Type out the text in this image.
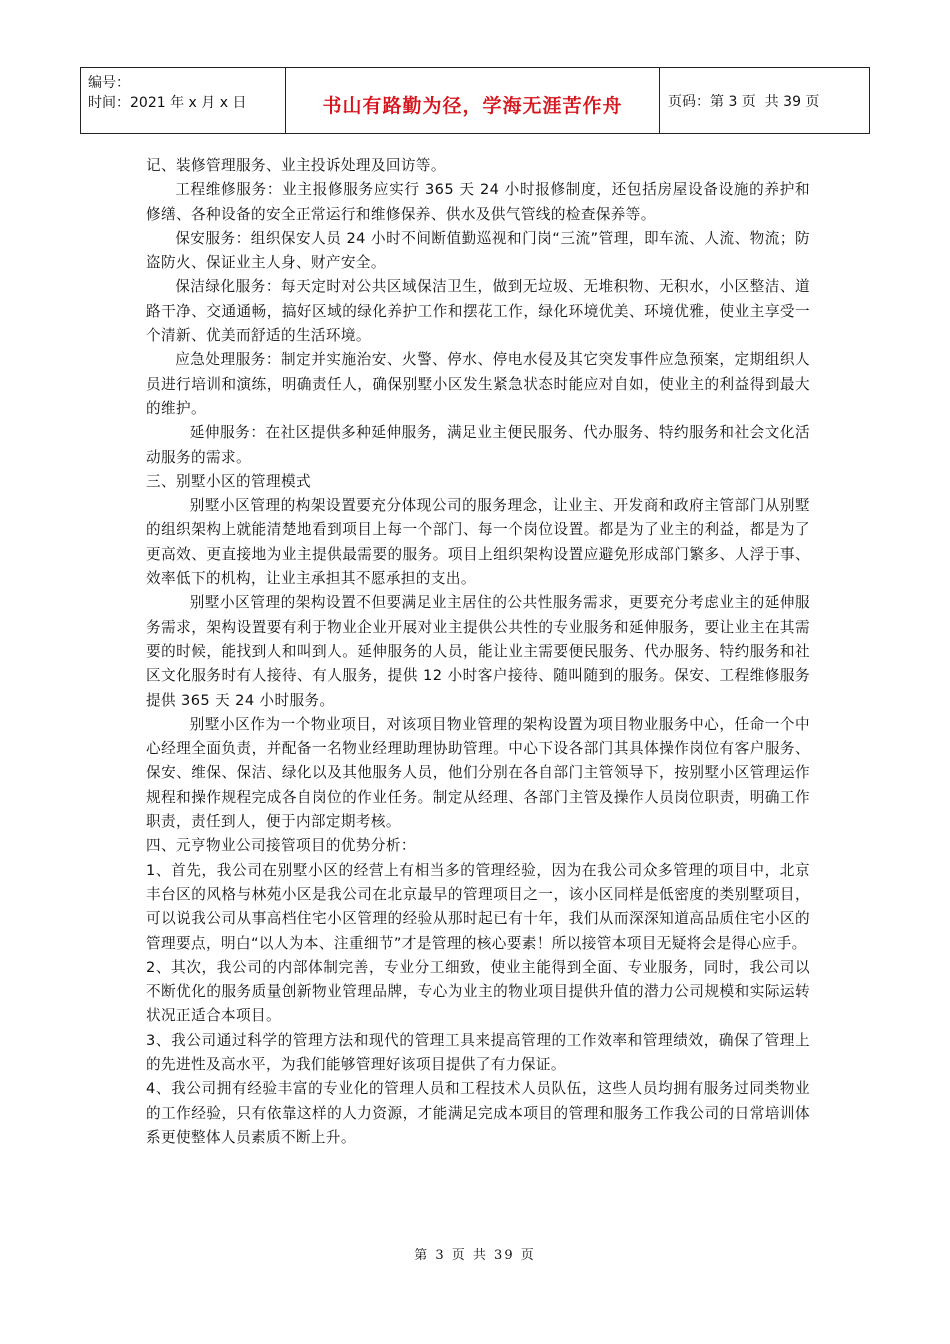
编号：
时间：2021 年 x 月 x 日	书山有路勤为径，学海无涯苦作舟	页码：第 3 页  共 39 页

记、装修管理服务、业主投诉处理及回访等。

工程维修服务：业主报修服务应实行 365 天 24 小时报修制度，还包括房屋设备设施的养护和修缮、各种设备的安全正常运行和维修保养、供水及供气管线的检查保养等。

保安服务：组织保安人员 24 小时不间断值勤巡视和门岗“三流”管理，即车流、人流、物流；防盗防火、保证业主人身、财产安全。

保洁绿化服务：每天定时对公共区域保洁卫生，做到无垃圾、无堆积物、无积水，小区整洁、道路干净、交通通畅，搞好区域的绿化养护工作和摆花工作，绿化环境优美、环境优雅，使业主享受一个清新、优美而舒适的生活环境。

应急处理服务：制定并实施治安、火警、停水、停电水侵及其它突发事件应急预案，定期组织人员进行培训和演练，明确责任人，确保别墅小区发生紧急状态时能应对自如，使业主的利益得到最大的维护。

延伸服务：在社区提供多种延伸服务，满足业主便民服务、代办服务、特约服务和社会文化活动服务的需求。

三、别墅小区的管理模式

别墅小区管理的构架设置要充分体现公司的服务理念，让业主、开发商和政府主管部门从别墅的组织架构上就能清楚地看到项目上每一个部门、每一个岗位设置。都是为了业主的利益，都是为了更高效、更直接地为业主提供最需要的服务。项目上组织架构设置应避免形成部门繁多、人浮于事、效率低下的机构，让业主承担其不愿承担的支出。

别墅小区管理的架构设置不但要满足业主居住的公共性服务需求，更要充分考虑业主的延伸服务需求，架构设置要有利于物业企业开展对业主提供公共性的专业服务和延伸服务，要让业主在其需要的时候，能找到人和叫到人。延伸服务的人员，能让业主需要便民服务、代办服务、特约服务和社区文化服务时有人接待、有人服务，提供 12 小时客户接待、随叫随到的服务。保安、工程维修服务提供 365 天 24 小时服务。

别墅小区作为一个物业项目，对该项目物业管理的架构设置为项目物业服务中心，任命一个中心经理全面负责，并配备一名物业经理助理协助管理。中心下设各部门其具体操作岗位有客户服务、保安、维保、保洁、绿化以及其他服务人员，他们分别在各自部门主管领导下，按别墅小区管理运作规程和操作规程完成各自岗位的作业任务。制定从经理、各部门主管及操作人员岗位职责，明确工作职责，责任到人，便于内部定期考核。

四、元亨物业公司接管项目的优势分析：

1、首先，我公司在别墅小区的经营上有相当多的管理经验，因为在我公司众多管理的项目中，北京丰台区的风格与林苑小区是我公司在北京最早的管理项目之一，该小区同样是低密度的类别墅项目，可以说我公司从事高档住宅小区管理的经验从那时起已有十年，我们从而深深知道高品质住宅小区的管理要点，明白“以人为本、注重细节”才是管理的核心要素！所以接管本项目无疑将会是得心应手。

2、其次，我公司的内部体制完善，专业分工细致，使业主能得到全面、专业服务，同时，我公司以不断优化的服务质量创新物业管理品牌，专心为业主的物业项目提供升值的潜力公司规模和实际运转状况正适合本项目。

3、我公司通过科学的管理方法和现代的管理工具来提高管理的工作效率和管理绩效，确保了管理上的先进性及高水平，为我们能够管理好该项目提供了有力保证。

4、我公司拥有经验丰富的专业化的管理人员和工程技术人员队伍，这些人员均拥有服务过同类物业的工作经验，只有依靠这样的人力资源，才能满足完成本项目的管理和服务工作我公司的日常培训体系更使整体人员素质不断上升。

第 3 页 共 39 页
